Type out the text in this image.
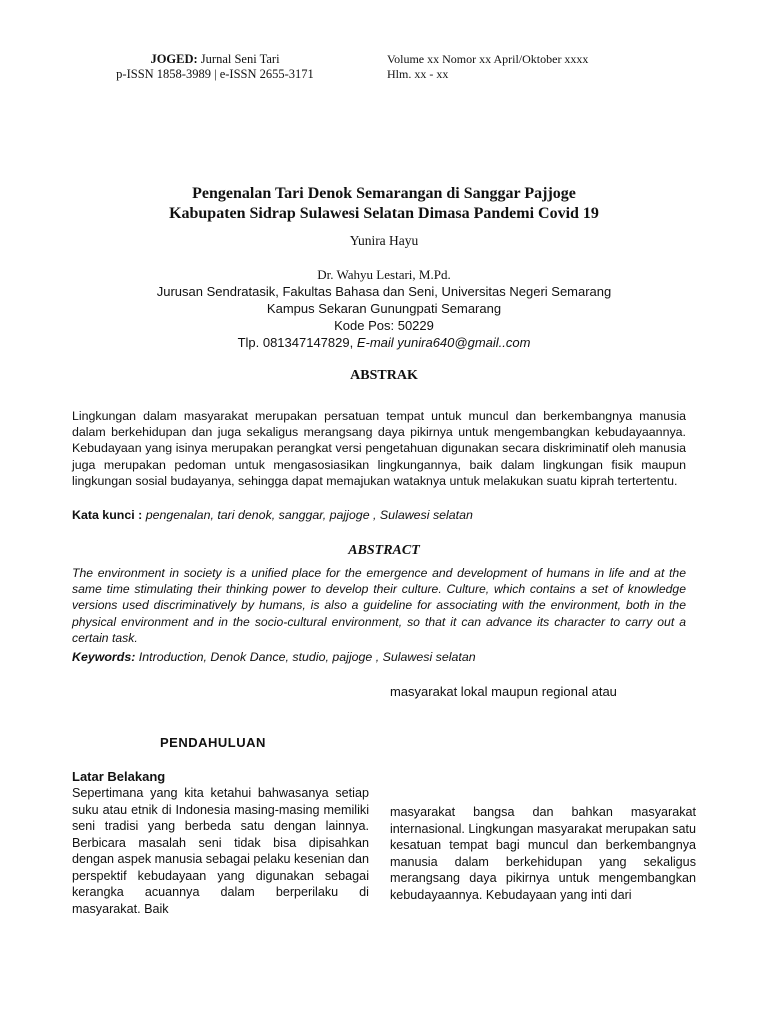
JOGED: Jurnal Seni Tari
p-ISSN 1858-3989 | e-ISSN 2655-3171
Volume xx Nomor xx April/Oktober xxxx
Hlm. xx - xx
Pengenalan Tari Denok Semarangan di Sanggar Pajjoge
Kabupaten Sidrap Sulawesi Selatan Dimasa Pandemi Covid 19
Yunira Hayu
Dr. Wahyu Lestari, M.Pd.
Jurusan Sendratasik, Fakultas Bahasa dan Seni, Universitas Negeri Semarang
Kampus Sekaran Gunungpati Semarang
Kode Pos: 50229
Tlp. 081347147829, E-mail yunira640@gmail..com
ABSTRAK
Lingkungan dalam masyarakat merupakan persatuan tempat untuk muncul dan berkembangnya manusia dalam berkehidupan dan juga sekaligus merangsang daya pikirnya untuk mengembangkan kebudayaannya. Kebudayaan yang isinya merupakan perangkat versi pengetahuan digunakan secara diskriminatif oleh manusia juga merupakan pedoman untuk mengasosiasikan lingkungannya, baik dalam lingkungan fisik maupun lingkungan sosial budayanya, sehingga dapat memajukan wataknya untuk melakukan suatu kiprah tertertentu.
Kata kunci : pengenalan, tari denok, sanggar, pajjoge , Sulawesi selatan
ABSTRACT
The environment in society is a unified place for the emergence and development of humans in life and at the same time stimulating their thinking power to develop their culture. Culture, which contains a set of knowledge versions used discriminatively by humans, is also a guideline for associating with the environment, both in the physical environment and in the socio-cultural environment, so that it can advance its character to carry out a certain task.
Keywords: Introduction, Denok Dance, studio, pajjoge , Sulawesi selatan
masyarakat lokal maupun regional atau
PENDAHULUAN
Latar Belakang
Sepertimana yang kita ketahui bahwasanya setiap suku atau etnik di Indonesia masing-masing memiliki seni tradisi yang berbeda satu dengan lainnya. Berbicara masalah seni tidak bisa dipisahkan dengan aspek manusia sebagai pelaku kesenian dan perspektif kebudayaan yang digunakan sebagai kerangka acuannya dalam berperilaku di masyarakat. Baik
masyarakat bangsa dan bahkan masyarakat internasional. Lingkungan masyarakat merupakan satu kesatuan tempat bagi muncul dan berkembangnya manusia dalam berkehidupan yang sekaligus merangsang daya pikirnya untuk mengembangkan kebudayaannya. Kebudayaan yang inti dari
